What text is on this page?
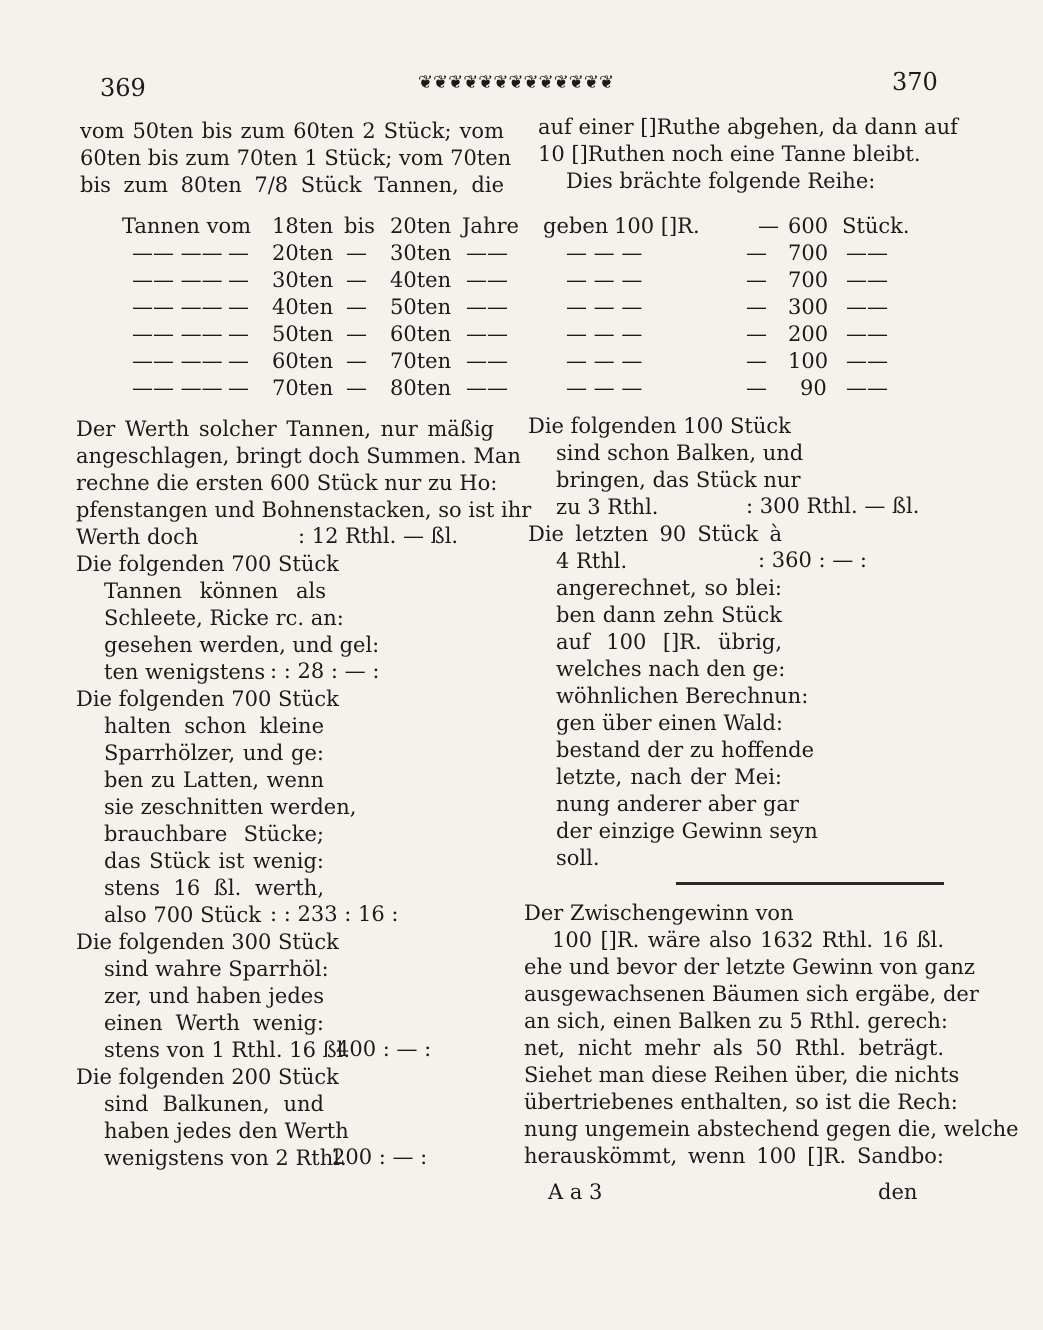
369	❦❦❦❦❦❦❦❦❦❦❦❦❦	370
vom 50ten bis zum 60ten 2 Stück; vom
60ten bis zum 70ten 1 Stück; vom 70ten
bis zum 80ten 7/8 Stück Tannen, die
auf einer []Ruthe abgehen, da dann auf
10 []Ruthen noch eine Tanne bleibt.
Dies brächte folgende Reihe:
Tannen vom 18ten bis 20ten Jahre geben 100 []R.	— 600 Stück.
—— —— — 20ten — 30ten ——	— — —	— 700 ——
—— —— — 30ten — 40ten ——	— — —	— 700 ——
—— —— — 40ten — 50ten ——	— — —	— 300 ——
—— —— — 50ten — 60ten ——	— — —	— 200 ——
—— —— — 60ten — 70ten ——	— — —	— 100 ——
—— —— — 70ten — 80ten ——	— — —	— 90 ——
Der Werth solcher Tannen, nur mäßig
angeschlagen, bringt doch Summen. Man
rechne die ersten 600 Stück nur zu Ho:
pfenstangen und Bohnenstacken, so ist ihr
Werth doch	: 12 Rthl. — ßl.
Die folgenden 700 Stück
Tannen können als
Schleete, Ricke rc. an:
gesehen werden, und gel:
ten wenigstens : : 28 : — :
Die folgenden 700 Stück
halten schon kleine
Sparrhölzer, und ge:
ben zu Latten, wenn
sie zeschnitten werden,
brauchbare Stücke;
das Stück ist wenig:
stens 16 ßl. werth,
also 700 Stück : : 233 : 16 :
Die folgenden 300 Stück
sind wahre Sparrhöl:
zer, und haben jedes
einen Werth wenig:
stens von 1 Rthl. 16 ßl.
400 : — :
Die folgenden 200 Stück
sind Balkunen, und
haben jedes den Werth
wenigstens von 2 Rthl.
200 : — :
Die folgenden 100 Stück
sind schon Balken, und
bringen, das Stück nur
zu 3 Rthl.	: 300 Rthl. — ßl.
Die letzten 90 Stück à
4 Rthl.
angerechnet, so blei:
ben dann zehn Stück
auf 100 []R. übrig,
welches nach den ge:
wöhnlichen Berechnun:
gen über einen Wald:
bestand der zu hoffende
letzte, nach der Mei:
nung anderer aber gar
der einzige Gewinn seyn
soll.
: 360 : — :
Der Zwischengewinn von
100 []R. wäre also 1632 Rthl. 16 ßl.
ehe und bevor der letzte Gewinn von ganz
ausgewachsenen Bäumen sich ergäbe, der
an sich, einen Balken zu 5 Rthl. gerech:
net, nicht mehr als 50 Rthl. beträgt.
Siehet man diese Reihen über, die nichts
übertriebenes enthalten, so ist die Rech:
nung ungemein abstechend gegen die, welche
herauskömmt, wenn 100 []R. Sandbo:
A a 3	den
